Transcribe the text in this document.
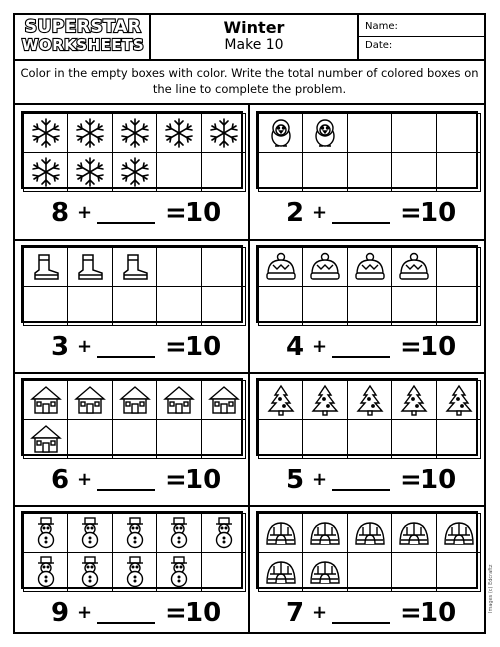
SUPERSTAR
WORKSHEETS
Winter
Make 10
Name:
Date:
Color in the empty boxes with color. Write the total number of colored boxes on the line to complete the problem.
8 +	=
10 2 +	=
10
3 +	=
10 4 +	=
10
6 +	=
10 5 +	=
10
9 +	=
10 7 +	=
10	Images (c) Edcraftz
